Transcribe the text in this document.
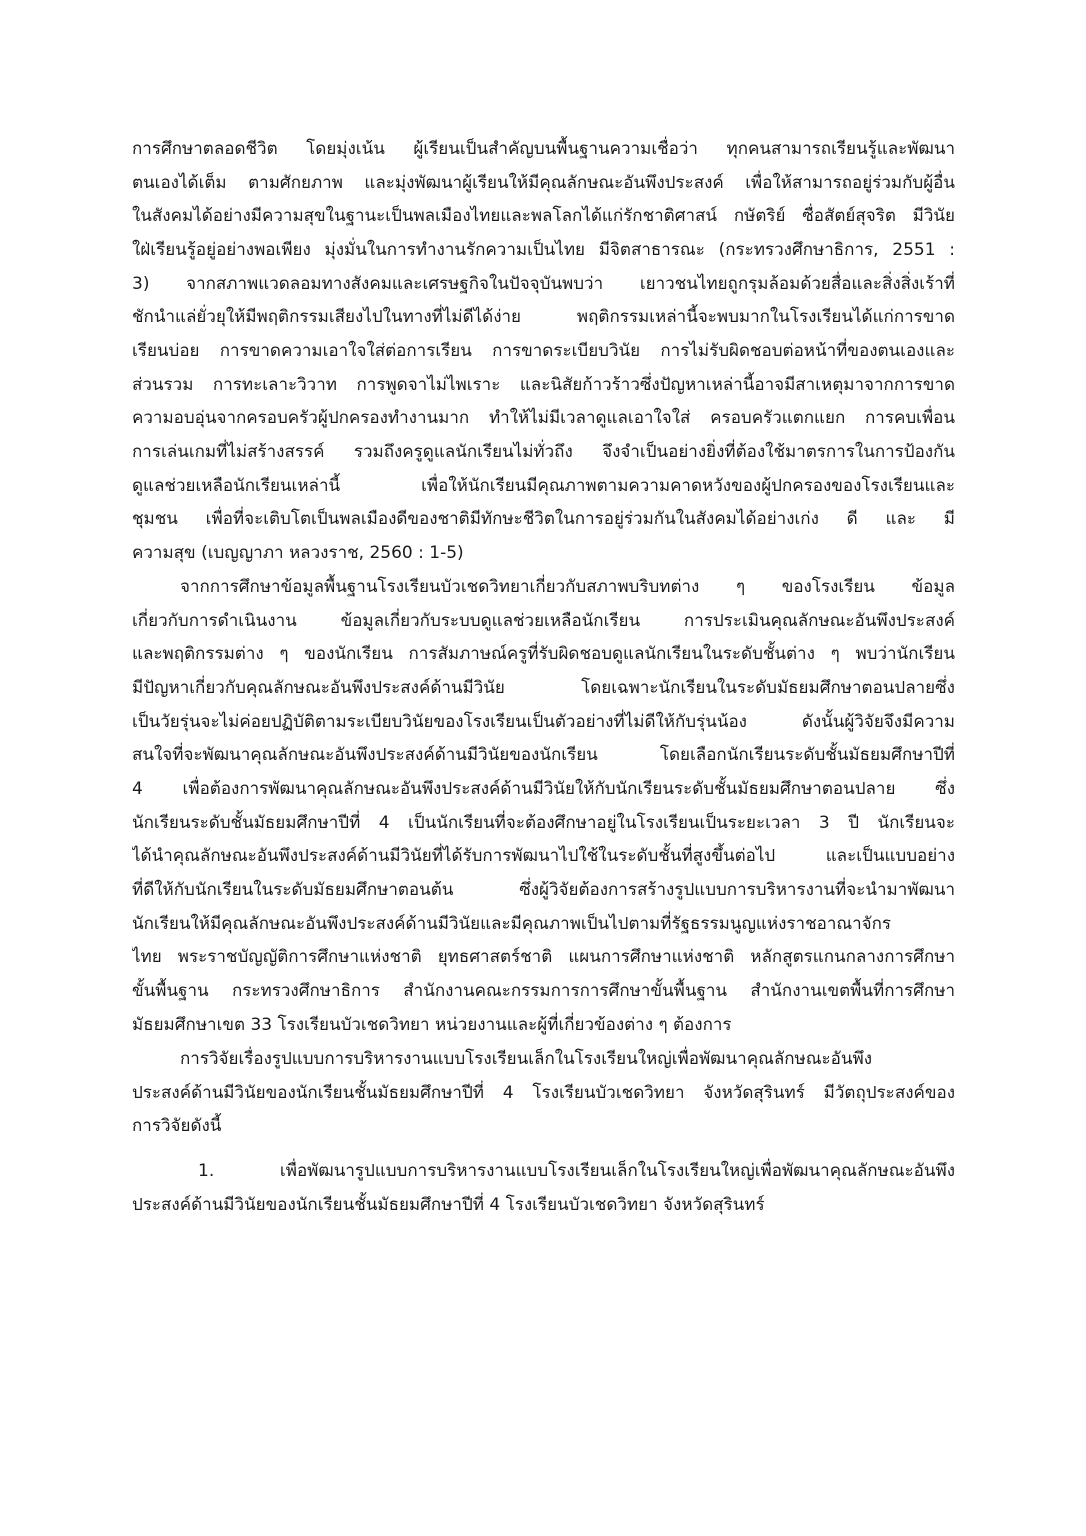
การศึกษาตลอดชีวิต โดยมุ่งเน้น ผู้เรียนเป็นสำคัญบนพื้นฐานความเชื่อว่า ทุกคนสามารถเรียนรู้และพัฒนา
ตนเองได้เต็ม ตามศักยภาพ และมุ่งพัฒนาผู้เรียนให้มีคุณลักษณะอันพึงประสงค์ เพื่อให้สามารถอยู่ร่วมกับผู้อื่น
ในสังคมได้อย่างมีความสุขในฐานะเป็นพลเมืองไทยและพลโลกได้แก่รักชาติศาสน์ กษัตริย์ ซื่อสัตย์สุจริต มีวินัย
ใฝ่เรียนรู้อยู่อย่างพอเพียง มุ่งมั่นในการทำงานรักความเป็นไทย มีจิตสาธารณะ (กระทรวงศึกษาธิการ, 2551 :
3) จากสภาพแวดลอมทางสังคมและเศรษฐกิจในปัจจุบันพบว่า เยาวชนไทยถูกรุมล้อมด้วยสื่อและสิ่งสิ่งเร้าที่
ชักนำแล่ยั่วยุให้มีพฤติกรรมเสียงไปในทางที่ไม่ดีได้ง่าย พฤติกรรมเหล่านี้จะพบมากในโรงเรียนได้แก่การขาด
เรียนบ่อย การขาดความเอาใจใส่ต่อการเรียน การขาดระเบียบวินัย การไม่รับผิดชอบต่อหน้าที่ของตนเองและ
ส่วนรวม การทะเลาะวิวาท การพูดจาไม่ไพเราะ และนิสัยก้าวร้าวซึ่งปัญหาเหล่านี้อาจมีสาเหตุมาจากการขาด
ความอบอุ่นจากครอบครัวผู้ปกครองทำงานมาก ทำให้ไม่มีเวลาดูแลเอาใจใส่ ครอบครัวแตกแยก การคบเพื่อน
การเล่นเกมที่ไม่สร้างสรรค์ รวมถึงครูดูแลนักเรียนไม่ทั่วถึง จึงจำเป็นอย่างยิ่งที่ต้องใช้มาตรการในการป้องกัน
ดูแลช่วยเหลือนักเรียนเหล่านี้ เพื่อให้นักเรียนมีคุณภาพตามความคาดหวังของผู้ปกครองของโรงเรียนและ
ชุมชน เพื่อที่จะเติบโตเป็นพลเมืองดีของชาติมีทักษะชีวิตในการอยู่ร่วมกันในสังคมได้อย่างเก่ง ดี และ มี
ความสุข (เบญญาภา หลวงราช, 2560 : 1-5)
จากการศึกษาข้อมูลพื้นฐานโรงเรียนบัวเชดวิทยาเกี่ยวกับสภาพบริบทต่าง ๆ ของโรงเรียน ข้อมูล
เกี่ยวกับการดำเนินงาน ข้อมูลเกี่ยวกับระบบดูแลช่วยเหลือนักเรียน การประเมินคุณลักษณะอันพึงประสงค์
และพฤติกรรมต่าง ๆ ของนักเรียน การสัมภาษณ์ครูที่รับผิดชอบดูแลนักเรียนในระดับชั้นต่าง ๆ พบว่านักเรียน
มีปัญหาเกี่ยวกับคุณลักษณะอันพึงประสงค์ด้านมีวินัย โดยเฉพาะนักเรียนในระดับมัธยมศึกษาตอนปลายซึ่ง
เป็นวัยรุ่นจะไม่ค่อยปฏิบัติตามระเบียบวินัยของโรงเรียนเป็นตัวอย่างที่ไม่ดีให้กับรุ่นน้อง ดังนั้นผู้วิจัยจึงมีความ
สนใจที่จะพัฒนาคุณลักษณะอันพึงประสงค์ด้านมีวินัยของนักเรียน โดยเลือกนักเรียนระดับชั้นมัธยมศึกษาปีที่
4 เพื่อต้องการพัฒนาคุณลักษณะอันพึงประสงค์ด้านมีวินัยให้กับนักเรียนระดับชั้นมัธยมศึกษาตอนปลาย ซึ่ง
นักเรียนระดับชั้นมัธยมศึกษาปีที่ 4 เป็นนักเรียนที่จะต้องศึกษาอยู่ในโรงเรียนเป็นระยะเวลา 3 ปี นักเรียนจะ
ได้นำคุณลักษณะอันพึงประสงค์ด้านมีวินัยที่ได้รับการพัฒนาไปใช้ในระดับชั้นที่สูงขึ้นต่อไป และเป็นแบบอย่าง
ที่ดีให้กับนักเรียนในระดับมัธยมศึกษาตอนต้น ซึ่งผู้วิจัยต้องการสร้างรูปแบบการบริหารงานที่จะนำมาพัฒนา
นักเรียนให้มีคุณลักษณะอันพึงประสงค์ด้านมีวินัยและมีคุณภาพเป็นไปตามที่รัฐธรรมนูญแห่งราชอาณาจักร
ไทย พระราชบัญญัติการศึกษาแห่งชาติ ยุทธศาสตร์ชาติ แผนการศึกษาแห่งชาติ หลักสูตรแกนกลางการศึกษา
ขั้นพื้นฐาน กระทรวงศึกษาธิการ สำนักงานคณะกรรมการการศึกษาขั้นพื้นฐาน สำนักงานเขตพื้นที่การศึกษา
มัธยมศึกษาเขต 33 โรงเรียนบัวเชดวิทยา หน่วยงานและผู้ที่เกี่ยวข้องต่าง ๆ ต้องการ
การวิจัยเรื่องรูปแบบการบริหารงานแบบโรงเรียนเล็กในโรงเรียนใหญ่เพื่อพัฒนาคุณลักษณะอันพึง
ประสงค์ด้านมีวินัยของนักเรียนชั้นมัธยมศึกษาปีที่ 4 โรงเรียนบัวเชดวิทยา จังหวัดสุรินทร์ มีวัตถุประสงค์ของ
การวิจัยดังนี้
1. เพื่อพัฒนารูปแบบการบริหารงานแบบโรงเรียนเล็กในโรงเรียนใหญ่เพื่อพัฒนาคุณลักษณะอันพึง
ประสงค์ด้านมีวินัยของนักเรียนชั้นมัธยมศึกษาปีที่ 4 โรงเรียนบัวเชดวิทยา จังหวัดสุรินทร์
